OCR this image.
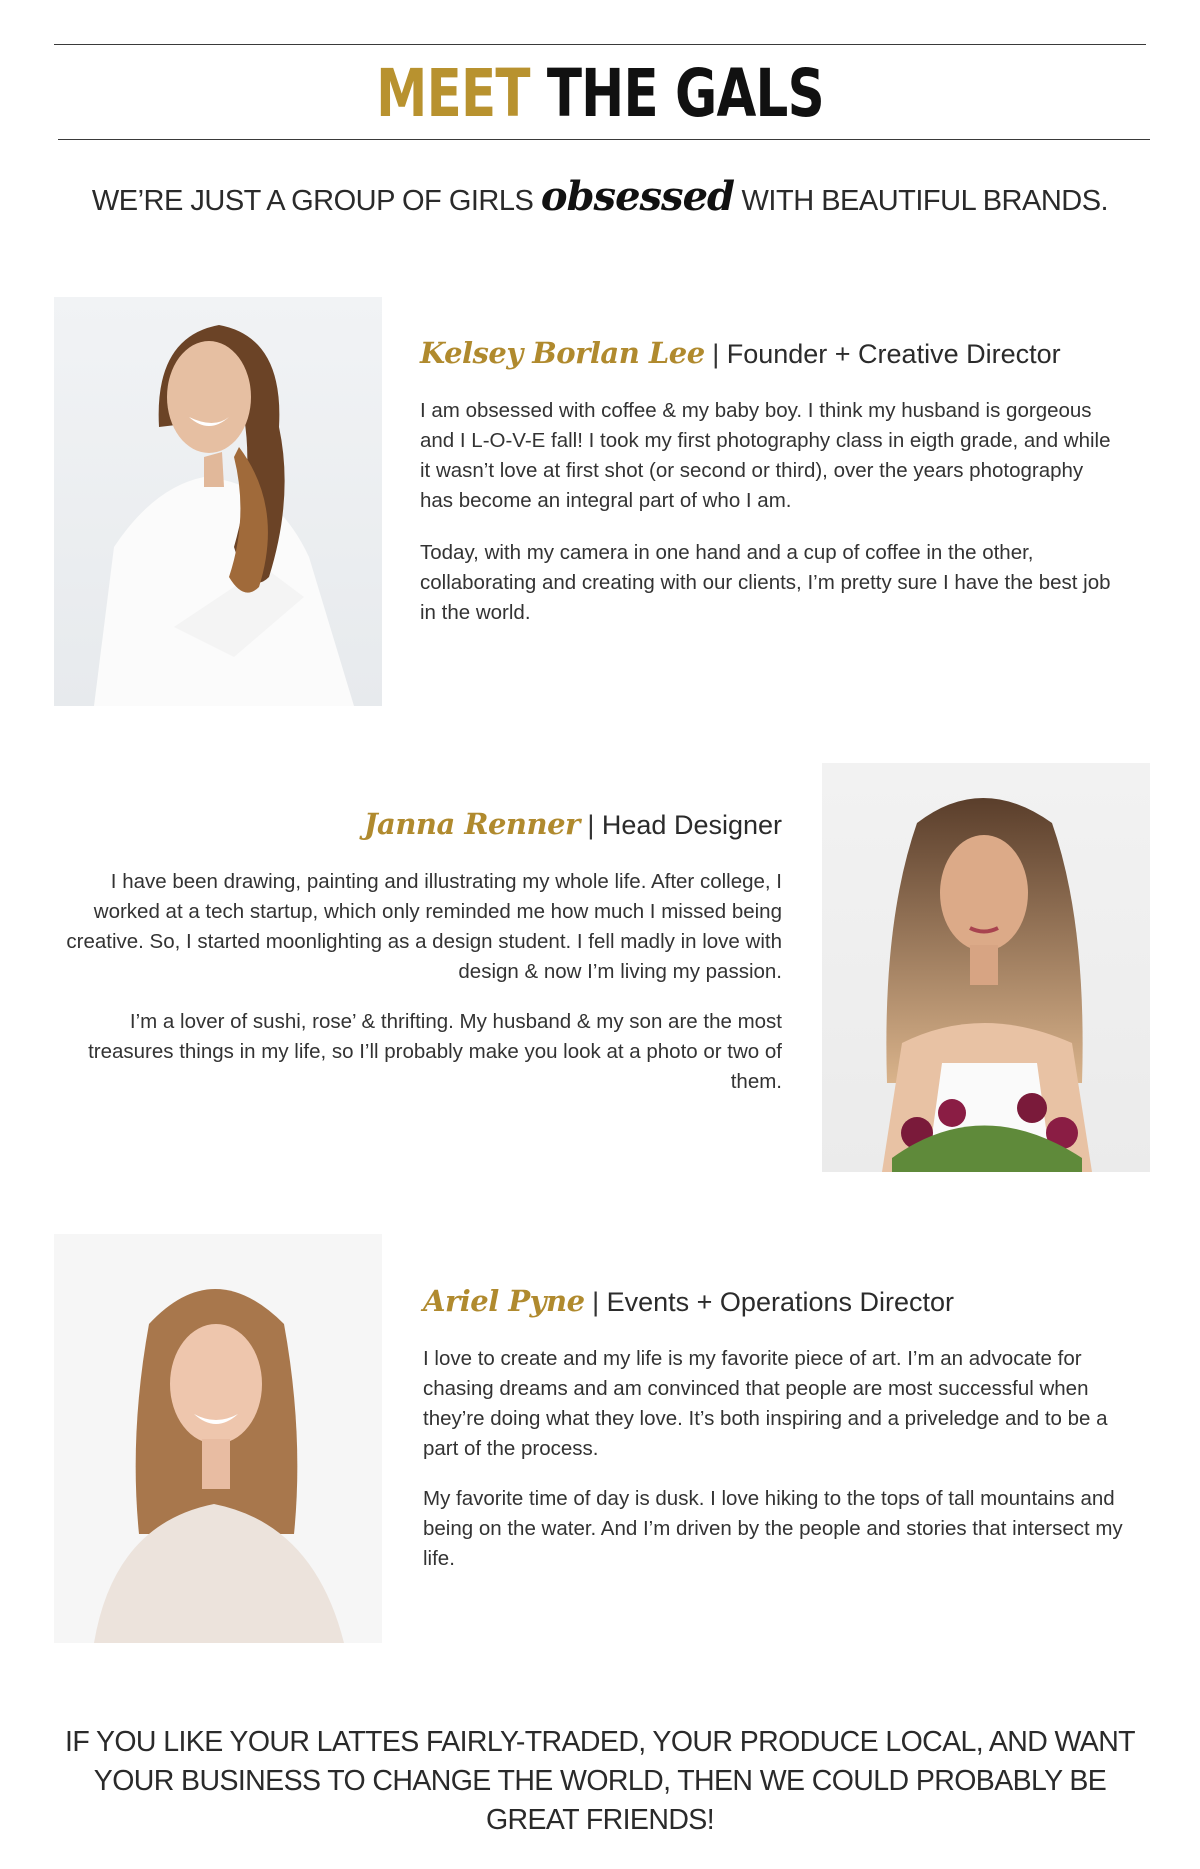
MEET THE GALS
WE’RE JUST A GROUP OF GIRLS obsessed WITH BEAUTIFUL BRANDS.
Kelsey Borlan Lee | Founder + Creative Director

I am obsessed with coffee & my baby boy. I think my husband is gorgeous and I L-O-V-E fall! I took my first photography class in eigth grade, and while it wasn’t love at first shot (or second or third), over the years photography has become an integral part of who I am.

Today, with my camera in one hand and a cup of coffee in the other, collaborating and creating with our clients, I’m pretty sure I have the best job in the world.

Janna Renner | Head Designer

I have been drawing, painting and illustrating my whole life. After college, I worked at a tech startup, which only reminded me how much I missed being creative. So, I started moonlighting as a design student. I fell madly in love with design & now I’m living my passion.

I’m a lover of sushi, rose’ & thrifting. My husband & my son are the most treasures things in my life, so I’ll probably make you look at a photo or two of them.

Ariel Pyne | Events + Operations Director

I love to create and my life is my favorite piece of art. I’m an advocate for chasing dreams and am convinced that people are most successful when they’re doing what they love. It’s both inspiring and a priveledge and to be a part of the process.

My favorite time of day is dusk. I love hiking to the tops of tall mountains and being on the water. And I’m driven by the people and stories that intersect my life.

IF YOU LIKE YOUR LATTES FAIRLY-TRADED, YOUR PRODUCE LOCAL, AND WANT YOUR BUSINESS TO CHANGE THE WORLD, THEN WE COULD PROBABLY BE GREAT FRIENDS!
